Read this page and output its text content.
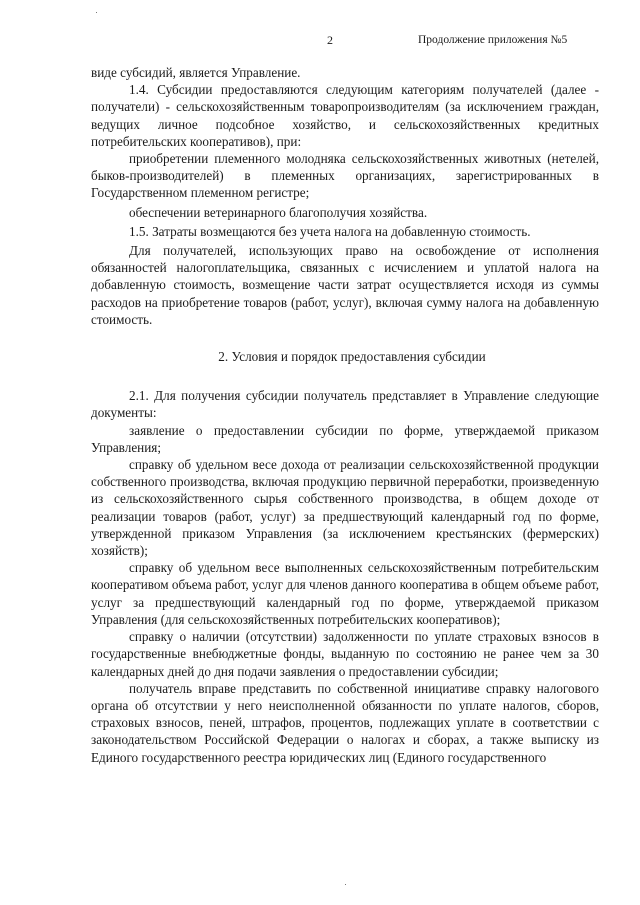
2	Продолжение приложения №5

виде субсидий, является Управление.

1.4. Субсидии предоставляются следующим категориям получателей (далее - получатели) - сельскохозяйственным товаропроизводителям (за исключением граждан, ведущих личное подсобное хозяйство, и сельскохозяйственных кредитных потребительских кооперативов), при:

приобретении племенного молодняка сельскохозяйственных животных (нетелей, быков-производителей) в племенных организациях, зарегистрированных в Государственном племенном регистре;

обеспечении ветеринарного благополучия хозяйства.

1.5. Затраты возмещаются без учета налога на добавленную стоимость.

Для получателей, использующих право на освобождение от исполнения обязанностей налогоплательщика, связанных с исчислением и уплатой налога на добавленную стоимость, возмещение части затрат осуществляется исходя из суммы расходов на приобретение товаров (работ, услуг), включая сумму налога на добавленную стоимость.

2. Условия и порядок предоставления субсидии

2.1. Для получения субсидии получатель представляет в Управление следующие документы:

заявление о предоставлении субсидии по форме, утверждаемой приказом Управления;

справку об удельном весе дохода от реализации сельскохозяйственной продукции собственного производства, включая продукцию первичной переработки, произведенную из сельскохозяйственного сырья собственного производства, в общем доходе от реализации товаров (работ, услуг) за предшествующий календарный год по форме, утвержденной приказом Управления (за исключением крестьянских (фермерских) хозяйств);

справку об удельном весе выполненных сельскохозяйственным потребительским кооперативом объема работ, услуг для членов данного кооператива в общем объеме работ, услуг за предшествующий календарный год по форме, утверждаемой приказом Управления (для сельскохозяйственных потребительских кооперативов);

справку о наличии (отсутствии) задолженности по уплате страховых взносов в государственные внебюджетные фонды, выданную по состоянию не ранее чем за 30 календарных дней до дня подачи заявления о предоставлении субсидии;

получатель вправе представить по собственной инициативе справку налогового органа об отсутствии у него неисполненной обязанности по уплате налогов, сборов, страховых взносов, пеней, штрафов, процентов, подлежащих уплате в соответствии с законодательством Российской Федерации о налогах и сборах, а также выписку из Единого государственного реестра юридических лиц (Единого государственного
